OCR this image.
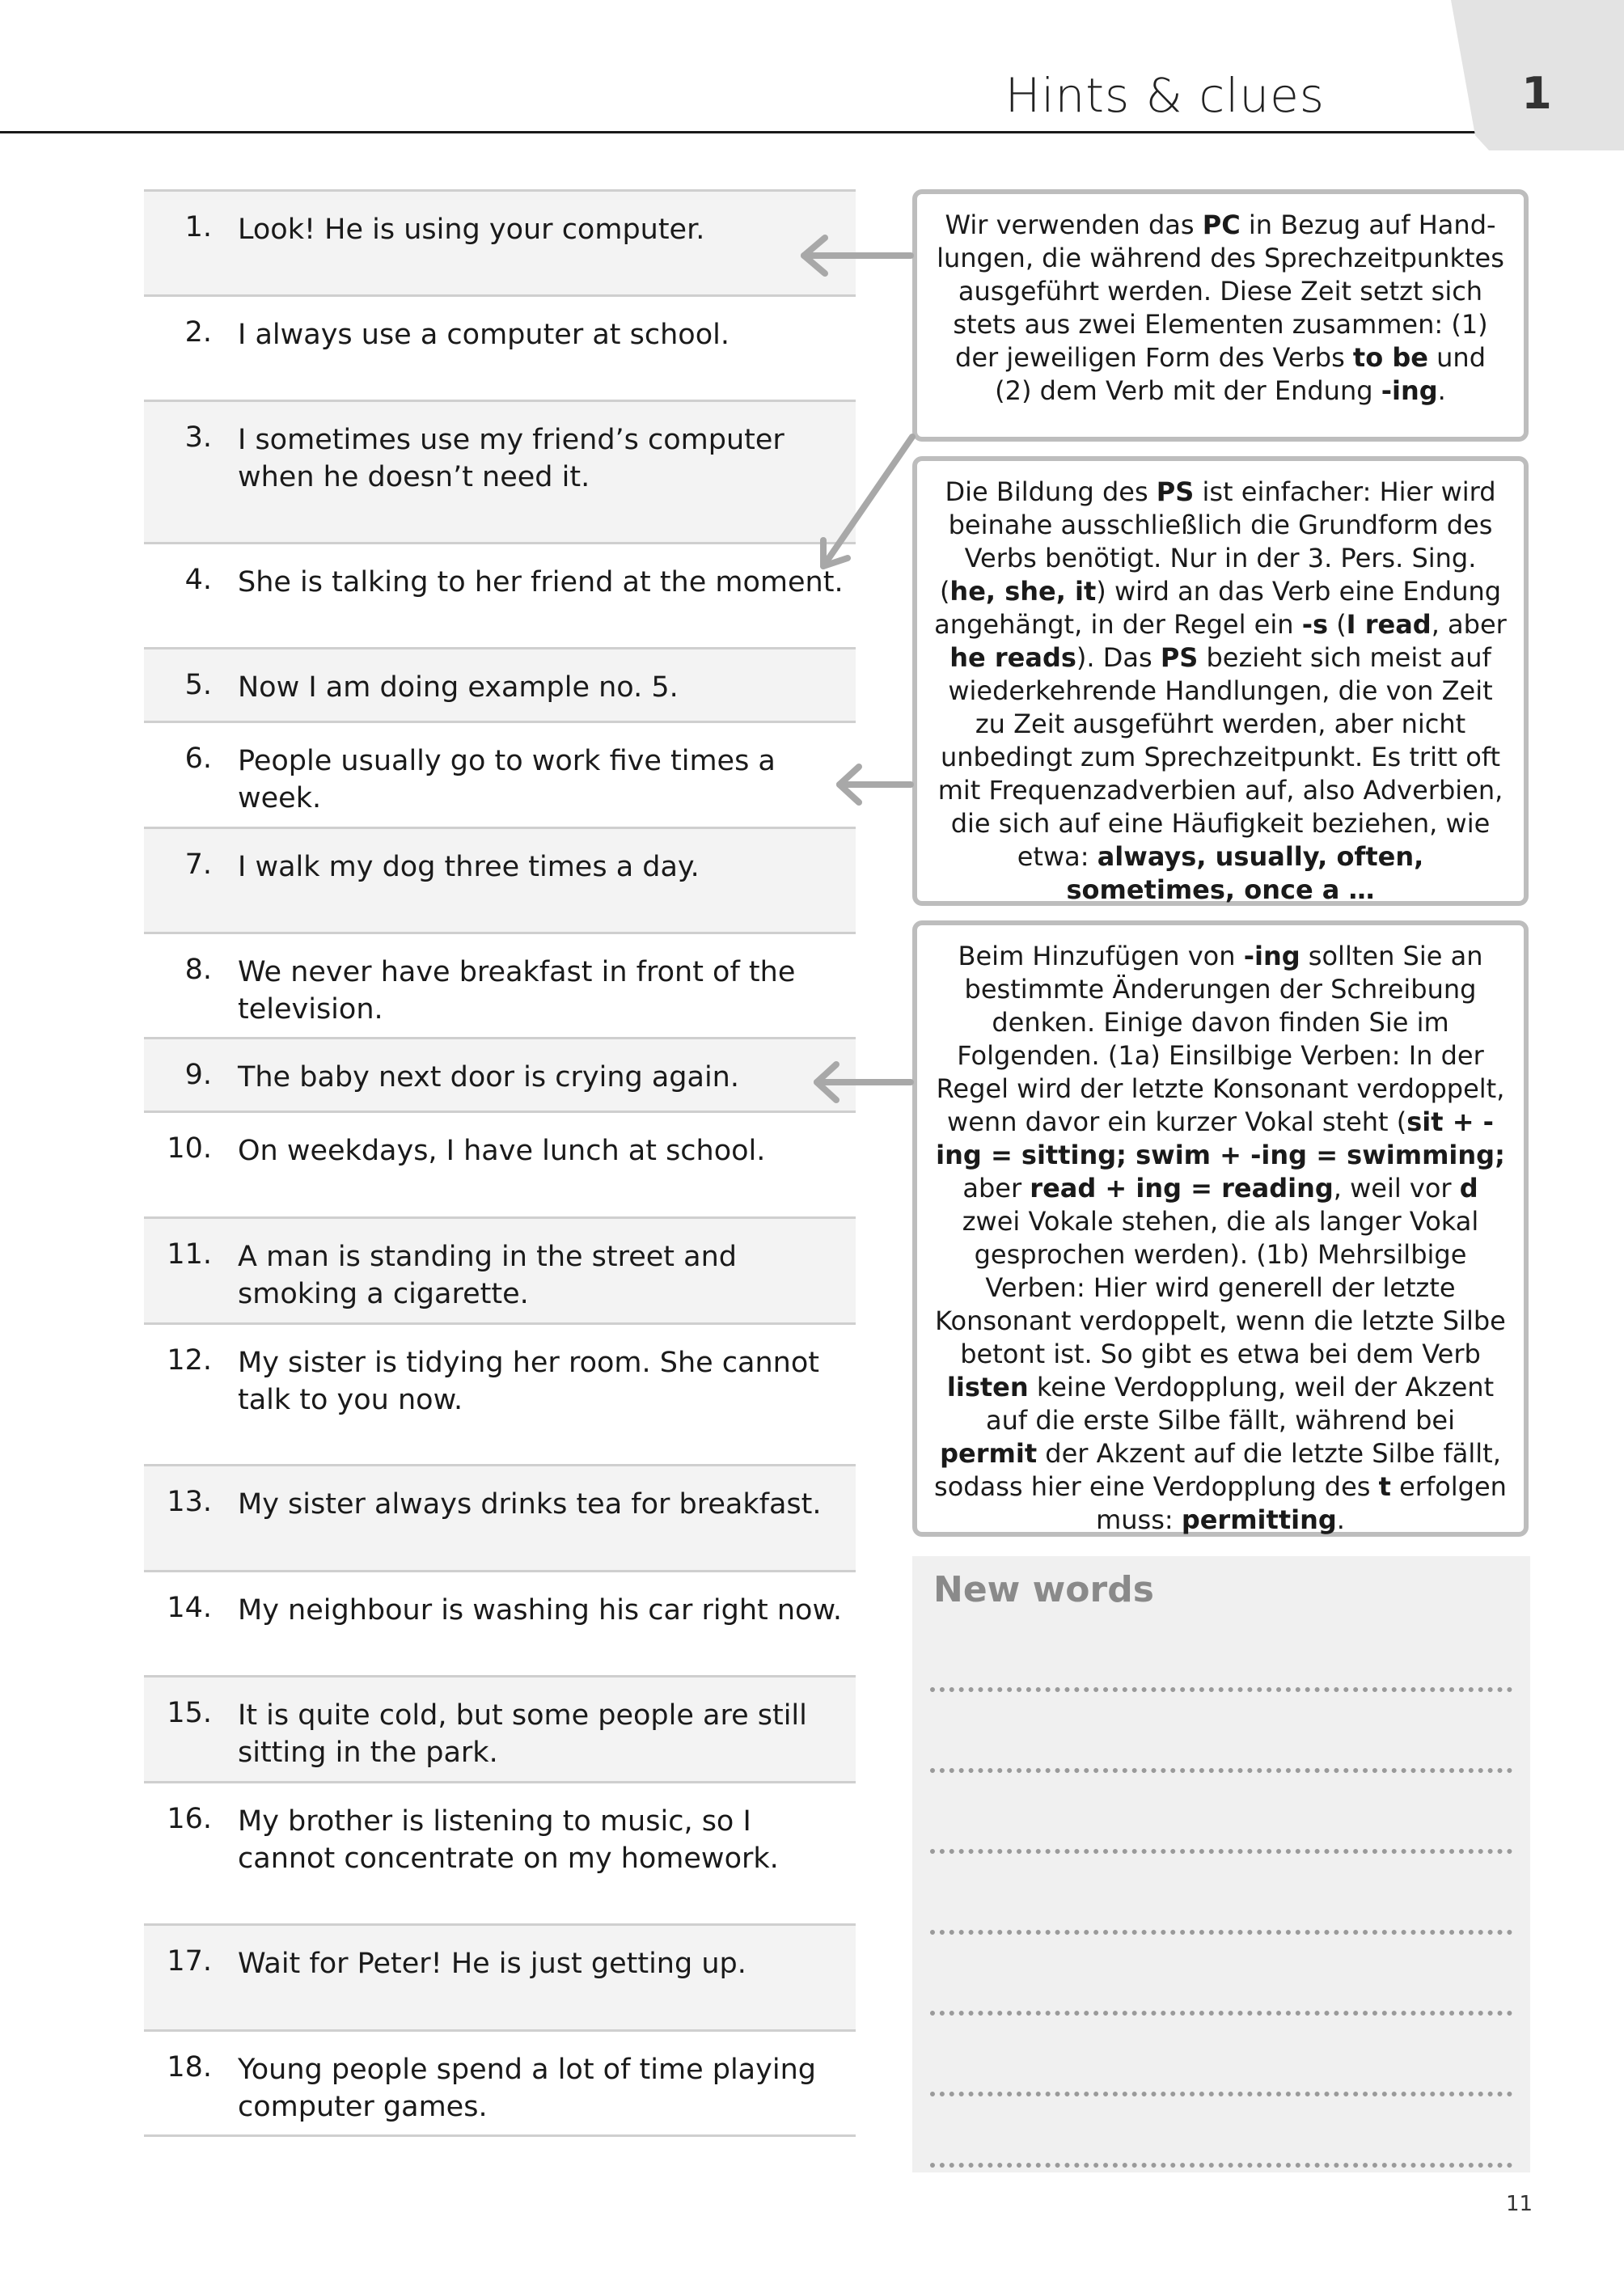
Hints & clues	1
1. Look! He is using your computer.
2. I always use a computer at school.
3. I sometimes use my friend’s computer when he doesn’t need it.
4. She is talking to her friend at the moment.
5. Now I am doing example no. 5.
6. People usually go to work five times a week.
7. I walk my dog three times a day.
8. We never have breakfast in front of the television.
9. The baby next door is crying again.
10. On weekdays, I have lunch at school.
11. A man is standing in the street and smoking a cigarette.
12. My sister is tidying her room. She cannot talk to you now.
13. My sister always drinks tea for breakfast.
14. My neighbour is washing his car right now.
15. It is quite cold, but some people are still sitting in the park.
16. My brother is listening to music, so I cannot concentrate on my homework.
17. Wait for Peter! He is just getting up.
18. Young people spend a lot of time playing computer games.
Wir verwenden das PC in Bezug auf Handlungen, die während des Sprechzeitpunktes ausgeführt werden. Diese Zeit setzt sich stets aus zwei Elementen zusammen: (1) der jeweiligen Form des Verbs to be und (2) dem Verb mit der Endung -ing.
Die Bildung des PS ist einfacher: Hier wird beinahe ausschließlich die Grundform des Verbs benötigt. Nur in der 3. Pers. Sing. (he, she, it) wird an das Verb eine Endung angehängt, in der Regel ein -s (I read, aber he reads). Das PS bezieht sich meist auf wiederkehrende Handlungen, die von Zeit zu Zeit ausgeführt werden, aber nicht unbedingt zum Sprechzeitpunkt. Es tritt oft mit Frequenzadverbien auf, also Adverbien, die sich auf eine Häufigkeit beziehen, wie etwa: always, usually, often, sometimes, once a …
Beim Hinzufügen von -ing sollten Sie an bestimmte Änderungen der Schreibung denken. Einige davon finden Sie im Folgenden. (1a) Einsilbige Verben: In der Regel wird der letzte Konsonant verdoppelt, wenn davor ein kurzer Vokal steht (sit + -ing = sitting; swim + -ing = swimming; aber read + ing = reading, weil vor d zwei Vokale stehen, die als langer Vokal gesprochen werden). (1b) Mehrsilbige Verben: Hier wird generell der letzte Konsonant verdoppelt, wenn die letzte Silbe betont ist. So gibt es etwa bei dem Verb listen keine Verdopplung, weil der Akzent auf die erste Silbe fällt, während bei permit der Akzent auf die letzte Silbe fällt, sodass hier eine Verdopplung des t erfolgen muss: permitting.
New words
11
